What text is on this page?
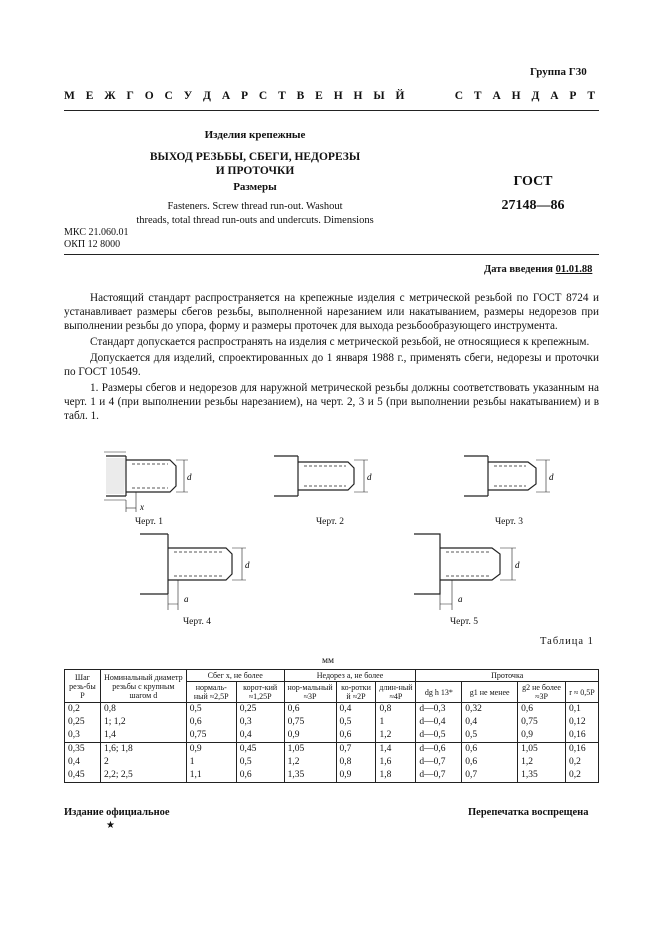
Группа Г30
М Е Ж Г О С У Д А Р С Т В Е Н Н Ы Й	С Т А Н Д А Р Т
Изделия крепежные
ВЫХОД РЕЗЬБЫ, СБЕГИ, НЕДОРЕЗЫ
И ПРОТОЧКИ
Размеры
Fasteners. Screw thread run-out. Washout
threads, total thread run-outs and undercuts. Dimensions
ГОСТ
27148—86
МКС 21.060.01
ОКП 12 8000
Дата введения 01.01.88

Настоящий стандарт распространяется на крепежные изделия с метрической резьбой по ГОСТ 8724 и устанавливает размеры сбегов резьбы, выполненной нарезанием или накатыванием, размеры недорезов при выполнении резьбы до упора, форму и размеры проточек для выхода резьбообразующего инструмента.

Стандарт допускается распространять на изделия с метрической резьбой, не относящиеся к крепежным.

Допускается для изделий, спроектированных до 1 января 1988 г., применять сбеги, недорезы и проточки по ГОСТ 10549.

1. Размеры сбегов и недорезов для наружной метрической резьбы должны соответствовать указанным на черт. 1 и 4 (при выполнении резьбы нарезанием), на черт. 2, 3 и 5 (при выполнении резьбы накатыванием) и в табл. 1.

d
x
Черт. 1
d
Черт. 2
d
Черт. 3
d
a
Черт. 4
d
a
Черт. 5
Таблица 1
мм
Шаг резь-бы P	Номинальный диаметр резьбы с крупным шагом d	Сбег x, не более		Недорез a, не более			Проточка			
		нормаль-ный ≈2,5P	корот-кий ≈1,25P	нор-мальный ≈3P	ко-ротки й ≈2P	длин-ный ≈4P	dg h 13*	g1 не менее	g2 не более ≈3P	r ≈ 0,5P
0,2	0,8	0,5	0,25	0,6	0,4	0,8	d—0,3	0,32	0,6	0,1
0,25	1; 1,2	0,6	0,3	0,75	0,5	1	d—0,4	0,4	0,75	0,12
0,3	1,4	0,75	0,4	0,9	0,6	1,2	d—0,5	0,5	0,9	0,16
0,35	1,6; 1,8	0,9	0,45	1,05	0,7	1,4	d—0,6	0,6	1,05	0,16
0,4	2	1	0,5	1,2	0,8	1,6	d—0,7	0,6	1,2	0,2
0,45	2,2; 2,5	1,1	0,6	1,35	0,9	1,8	d—0,7	0,7	1,35	0,2
Издание официальное
★
Перепечатка воспрещена
